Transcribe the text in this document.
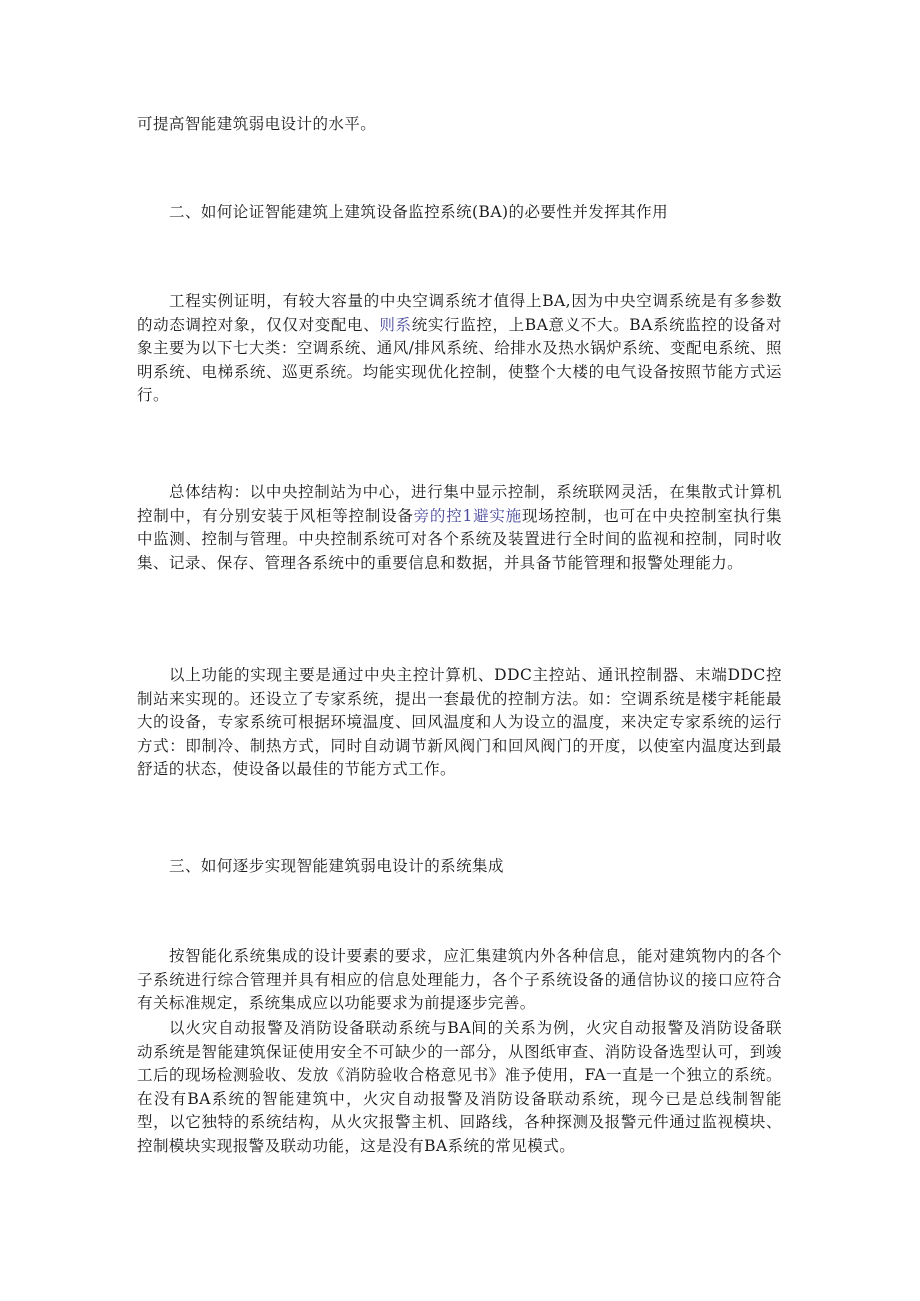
可提高智能建筑弱电设计的水平。

二、如何论证智能建筑上建筑设备监控系统(BA)的必要性并发挥其作用

工程实例证明，有较大容量的中央空调系统才值得上BA,因为中央空调系统是有多参数的动态调控对象，仅仅对变配电、则系统实行监控，上BA意义不大。BA系统监控的设备对象主要为以下七大类：空调系统、通风/排风系统、给排水及热水锅炉系统、变配电系统、照明系统、电梯系统、巡更系统。均能实现优化控制，使整个大楼的电气设备按照节能方式运行。

总体结构：以中央控制站为中心，进行集中显示控制，系统联网灵活，在集散式计算机控制中，有分别安装于风柜等控制设备旁的控1避实施现场控制，也可在中央控制室执行集中监测、控制与管理。中央控制系统可对各个系统及装置进行全时间的监视和控制，同时收集、记录、保存、管理各系统中的重要信息和数据，并具备节能管理和报警处理能力。

以上功能的实现主要是通过中央主控计算机、DDC主控站、通讯控制器、末端DDC控制站来实现的。还设立了专家系统，提出一套最优的控制方法。如：空调系统是楼宇耗能最大的设备，专家系统可根据环境温度、回风温度和人为设立的温度，来决定专家系统的运行方式：即制冷、制热方式，同时自动调节新风阀门和回风阀门的开度，以使室内温度达到最舒适的状态，使设备以最佳的节能方式工作。

三、如何逐步实现智能建筑弱电设计的系统集成

按智能化系统集成的设计要素的要求，应汇集建筑内外各种信息，能对建筑物内的各个子系统进行综合管理并具有相应的信息处理能力，各个子系统设备的通信协议的接口应符合有关标准规定，系统集成应以功能要求为前提逐步完善。

以火灾自动报警及消防设备联动系统与BA间的关系为例，火灾自动报警及消防设备联动系统是智能建筑保证使用安全不可缺少的一部分，从图纸审查、消防设备选型认可，到竣工后的现场检测验收、发放《消防验收合格意见书》准予使用，FA一直是一个独立的系统。在没有BA系统的智能建筑中，火灾自动报警及消防设备联动系统，现今已是总线制智能型，以它独特的系统结构，从火灾报警主机、回路线，各种探测及报警元件通过监视模块、控制模块实现报警及联动功能，这是没有BA系统的常见模式。
